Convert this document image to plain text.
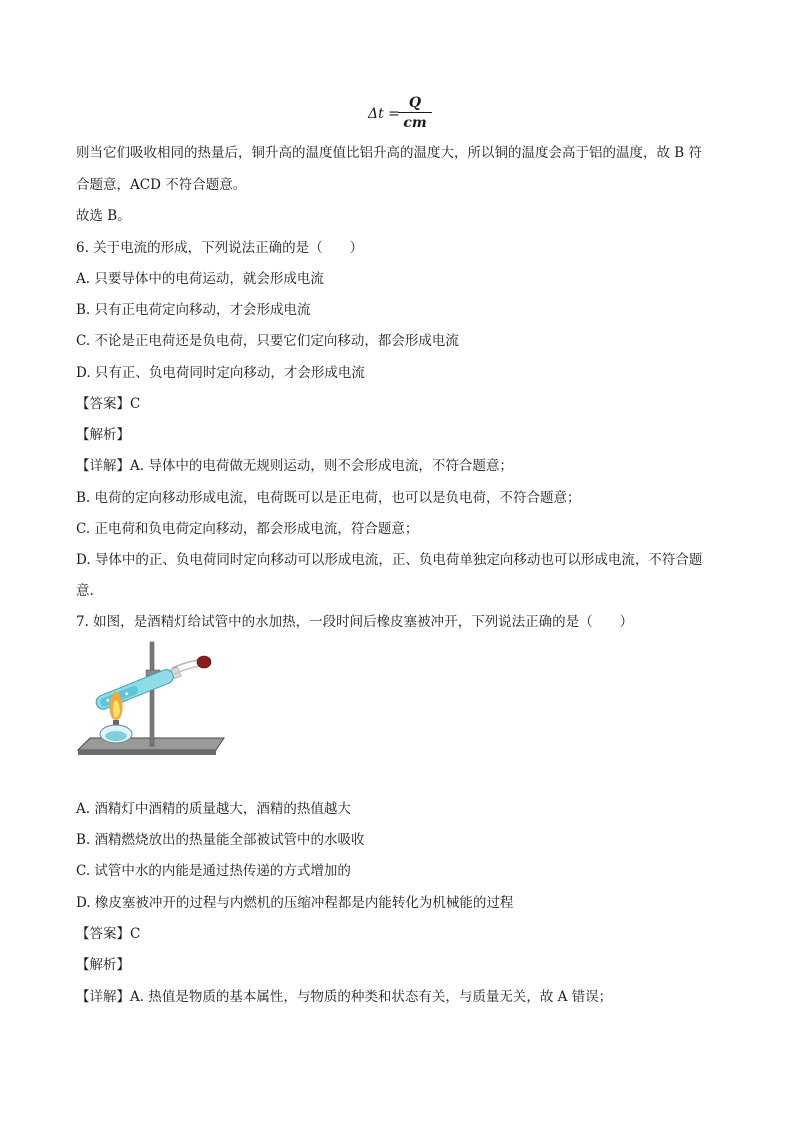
Δt =
Q
cm
则当它们吸收相同的热量后，铜升高的温度值比铝升高的温度大，所以铜的温度会高于铝的温度，故 B 符
合题意，ACD 不符合题意。
故选 B。
6. 关于电流的形成，下列说法正确的是（　　）
A. 只要导体中的电荷运动，就会形成电流
B. 只有正电荷定向移动，才会形成电流
C. 不论是正电荷还是负电荷，只要它们定向移动，都会形成电流
D. 只有正、负电荷同时定向移动，才会形成电流
【答案】C
【解析】
【详解】A. 导体中的电荷做无规则运动，则不会形成电流，不符合题意；
B. 电荷的定向移动形成电流，电荷既可以是正电荷，也可以是负电荷，不符合题意；
C. 正电荷和负电荷定向移动，都会形成电流，符合题意；
D. 导体中的正、负电荷同时定向移动可以形成电流，正、负电荷单独定向移动也可以形成电流，不符合题
意.
7. 如图，是酒精灯给试管中的水加热，一段时间后橡皮塞被冲开，下列说法正确的是（　　）
A. 酒精灯中酒精的质量越大，酒精的热值越大
B. 酒精燃烧放出的热量能全部被试管中的水吸收
C. 试管中水的内能是通过热传递的方式增加的
D. 橡皮塞被冲开的过程与内燃机的压缩冲程都是内能转化为机械能的过程
【答案】C
【解析】
【详解】A. 热值是物质的基本属性，与物质的种类和状态有关，与质量无关，故 A 错误；
